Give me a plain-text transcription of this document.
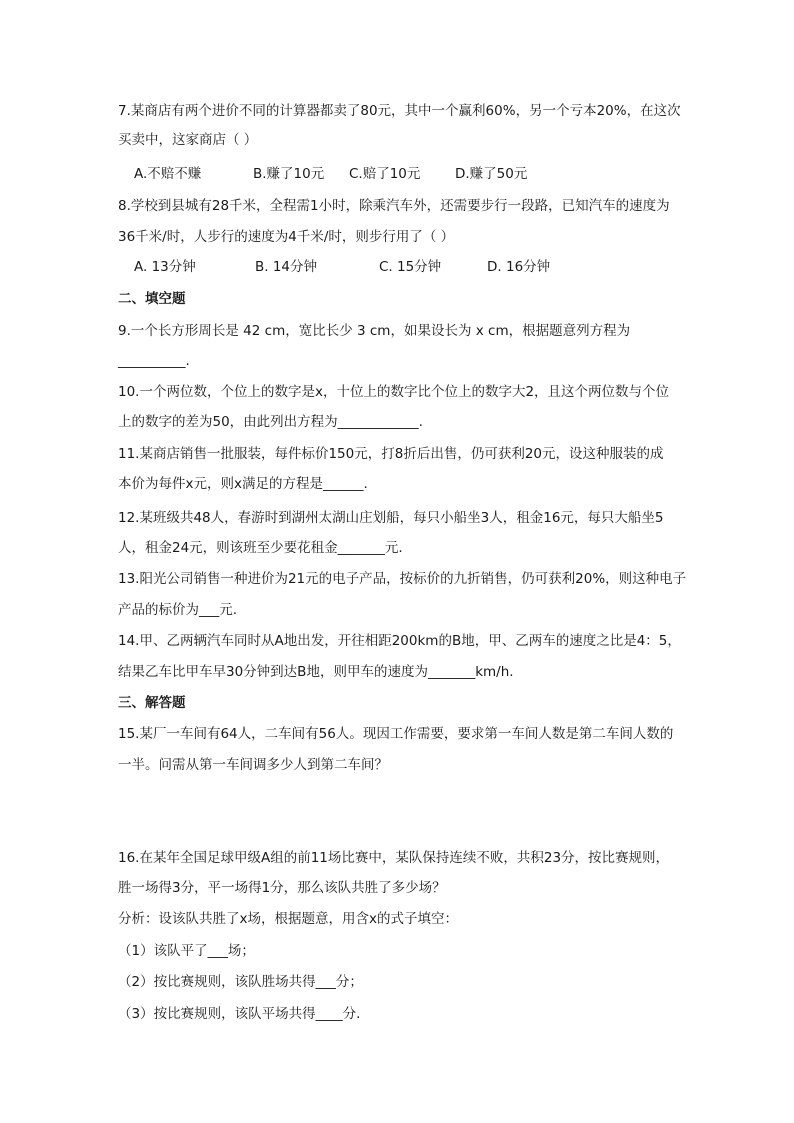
7.某商店有两个进价不同的计算器都卖了80元，其中一个赢利60%，另一个亏本20%，在这次
买卖中，这家商店（ ）
A.不赔不赚	B.赚了10元 C.赔了10元	D.赚了50元
8.学校到县城有28千米，全程需1小时，除乘汽车外，还需要步行一段路，已知汽车的速度为
36千米/时，人步行的速度为4千米/时，则步行用了（ ）
A. 13分钟	B. 14分钟	C. 15分钟	D. 16分钟
二、填空题
9.一个长方形周长是 42 cm，宽比长少 3 cm，如果设长为 x cm，根据题意列方程为
__________.
10.一个两位数，个位上的数字是x，十位上的数字比个位上的数字大2，且这个两位数与个位
上的数字的差为50，由此列出方程为____________.
11.某商店销售一批服装，每件标价150元，打8折后出售，仍可获利20元，设这种服装的成
本价为每件x元，则x满足的方程是______.
12.某班级共48人，春游时到湖州太湖山庄划船，每只小船坐3人，租金16元，每只大船坐5
人，租金24元，则该班至少要花租金_______元.
13.阳光公司销售一种进价为21元的电子产品，按标价的九折销售，仍可获利20%，则这种电子
产品的标价为___元.
14.甲、乙两辆汽车同时从A地出发，开往相距200km的B地，甲、乙两车的速度之比是4：5，
结果乙车比甲车早30分钟到达B地，则甲车的速度为_______km/h.
三、解答题
15.某厂一车间有64人，二车间有56人。现因工作需要，要求第一车间人数是第二车间人数的
一半。问需从第一车间调多少人到第二车间？
16.在某年全国足球甲级A组的前11场比赛中，某队保持连续不败，共积23分，按比赛规则，
胜一场得3分，平一场得1分，那么该队共胜了多少场？
分析：设该队共胜了x场，根据题意，用含x的式子填空：
（1）该队平了___场；
（2）按比赛规则，该队胜场共得___分；
（3）按比赛规则，该队平场共得____分.
